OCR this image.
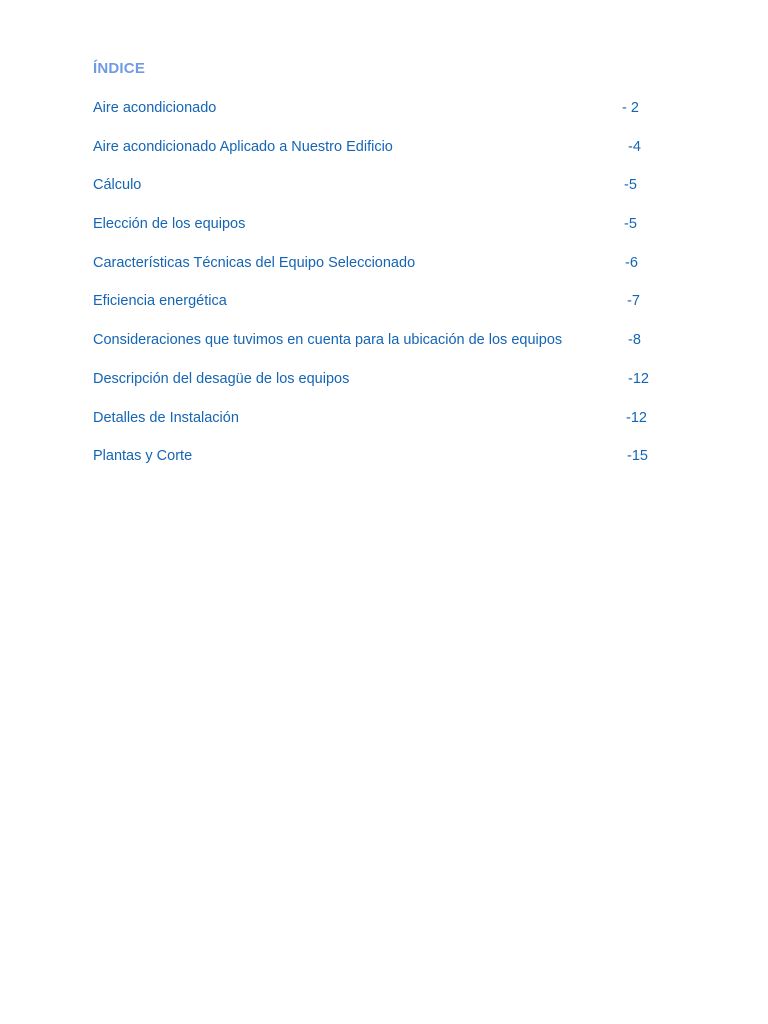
ÍNDICE
Aire acondicionado	- 2
Aire acondicionado Aplicado a Nuestro Edificio	-4
Cálculo	-5
Elección de los equipos	-5
Características Técnicas del Equipo Seleccionado	-6
Eficiencia energética	-7
Consideraciones que tuvimos en cuenta para la ubicación de los equipos	-8
Descripción del desagüe de los equipos	-12
Detalles de Instalación	-12
Plantas y Corte	-15
